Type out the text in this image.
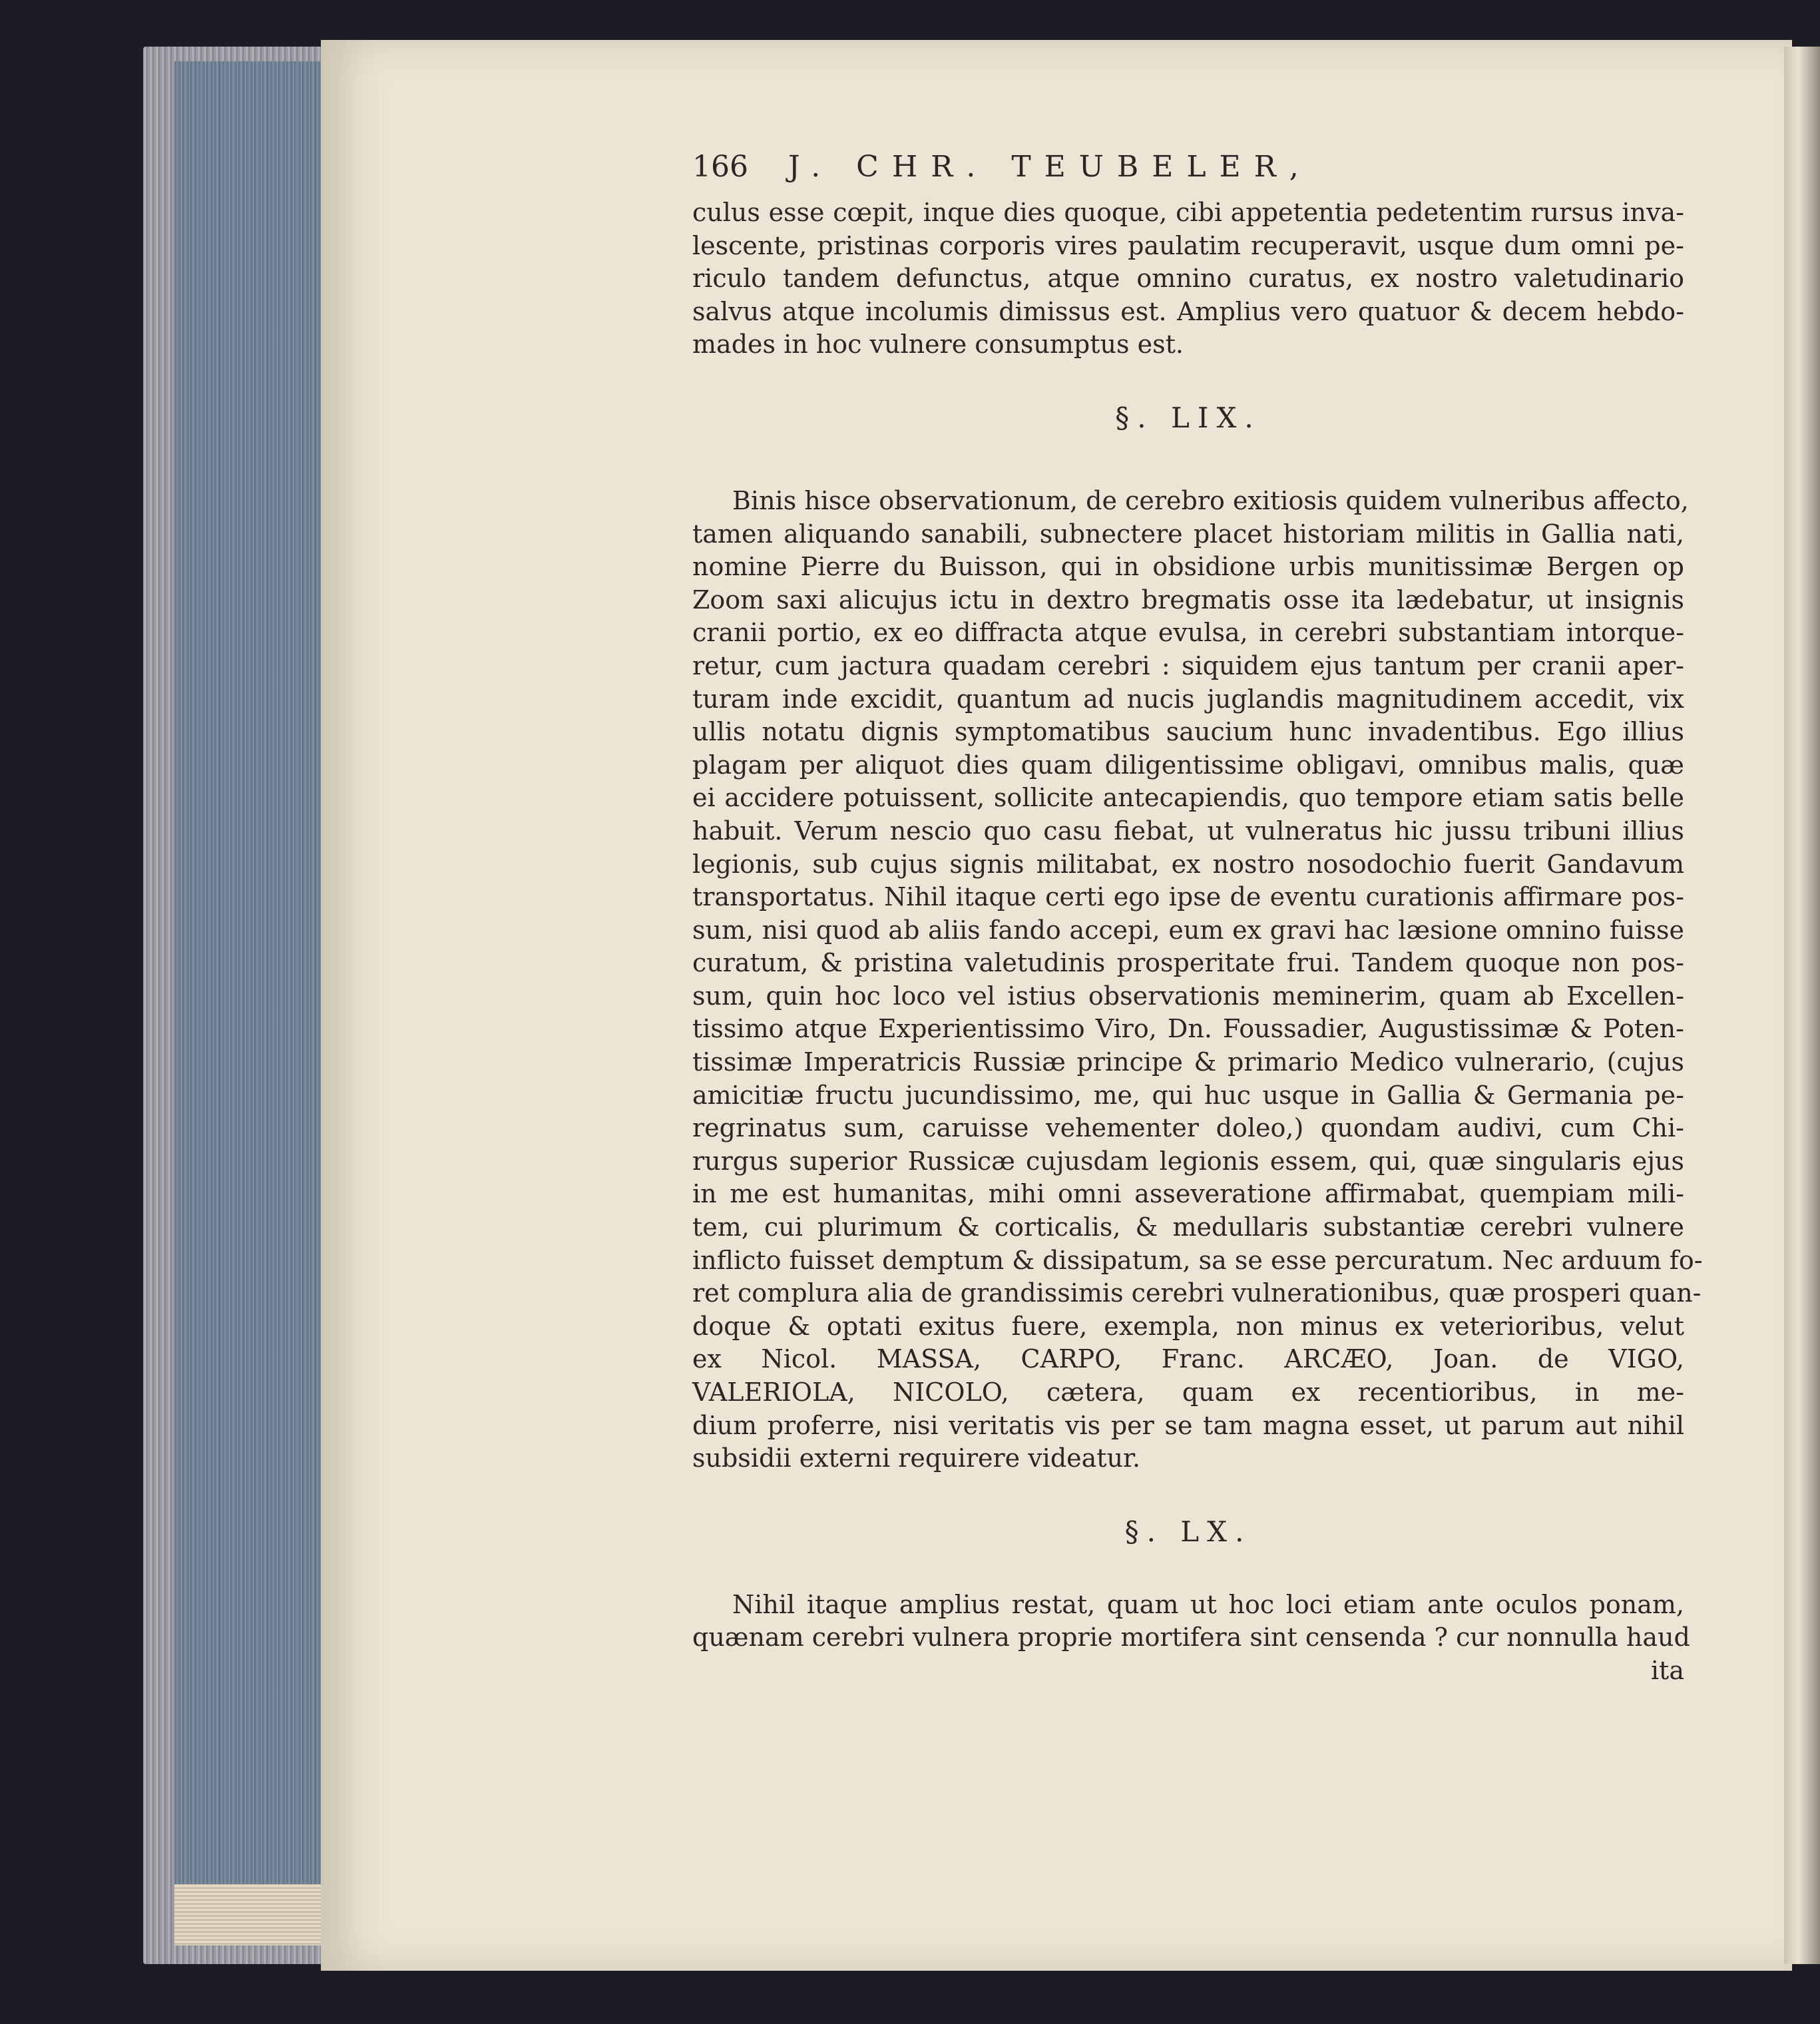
166 J. CHR. TEUBELER,
culus esse cœpit, inque dies quoque, cibi appetentia pedetentim rursus inva-
lescente, pristinas corporis vires paulatim recuperavit, usque dum omni pe-
riculo tandem defunctus, atque omnino curatus, ex nostro valetudinario
salvus atque incolumis dimissus est. Amplius vero quatuor & decem hebdo-
mades in hoc vulnere consumptus est.
§. LIX.
Binis hisce observationum, de cerebro exitiosis quidem vulneribus affecto,
tamen aliquando sanabili, subnectere placet historiam militis in Gallia nati,
nomine Pierre du Buisson, qui in obsidione urbis munitissimæ Bergen op
Zoom saxi alicujus ictu in dextro bregmatis osse ita lædebatur, ut insignis
cranii portio, ex eo diffracta atque evulsa, in cerebri substantiam intorque-
retur, cum jactura quadam cerebri : siquidem ejus tantum per cranii aper-
turam inde excidit, quantum ad nucis juglandis magnitudinem accedit, vix
ullis notatu dignis symptomatibus saucium hunc invadentibus. Ego illius
plagam per aliquot dies quam diligentissime obligavi, omnibus malis, quæ
ei accidere potuissent, sollicite antecapiendis, quo tempore etiam satis belle
habuit. Verum nescio quo casu fiebat, ut vulneratus hic jussu tribuni illius
legionis, sub cujus signis militabat, ex nostro nosodochio fuerit Gandavum
transportatus. Nihil itaque certi ego ipse de eventu curationis affirmare pos-
sum, nisi quod ab aliis fando accepi, eum ex gravi hac læsione omnino fuisse
curatum, & pristina valetudinis prosperitate frui. Tandem quoque non pos-
sum, quin hoc loco vel istius observationis meminerim, quam ab Excellen-
tissimo atque Experientissimo Viro, Dn. Foussadier, Augustissimæ & Poten-
tissimæ Imperatricis Russiæ principe & primario Medico vulnerario, (cujus
amicitiæ fructu jucundissimo, me, qui huc usque in Gallia & Germania pe-
regrinatus sum, caruisse vehementer doleo,) quondam audivi, cum Chi-
rurgus superior Russicæ cujusdam legionis essem, qui, quæ singularis ejus
in me est humanitas, mihi omni asseveratione affirmabat, quempiam mili-
tem, cui plurimum & corticalis, & medullaris substantiæ cerebri vulnere
inflicto fuisset demptum & dissipatum, sa se esse percuratum. Nec arduum fo-
ret complura alia de grandissimis cerebri vulnerationibus, quæ prosperi quan-
doque & optati exitus fuere, exempla, non minus ex veterioribus, velut
ex Nicol. MASSA, CARPO, Franc. ARCÆO, Joan. de VIGO,
VALERIOLA, NICOLO, cætera, quam ex recentioribus, in me-
dium proferre, nisi veritatis vis per se tam magna esset, ut parum aut nihil
subsidii externi requirere videatur.
§. LX.
Nihil itaque amplius restat, quam ut hoc loci etiam ante oculos ponam,
quænam cerebri vulnera proprie mortifera sint censenda ? cur nonnulla haud
ita
